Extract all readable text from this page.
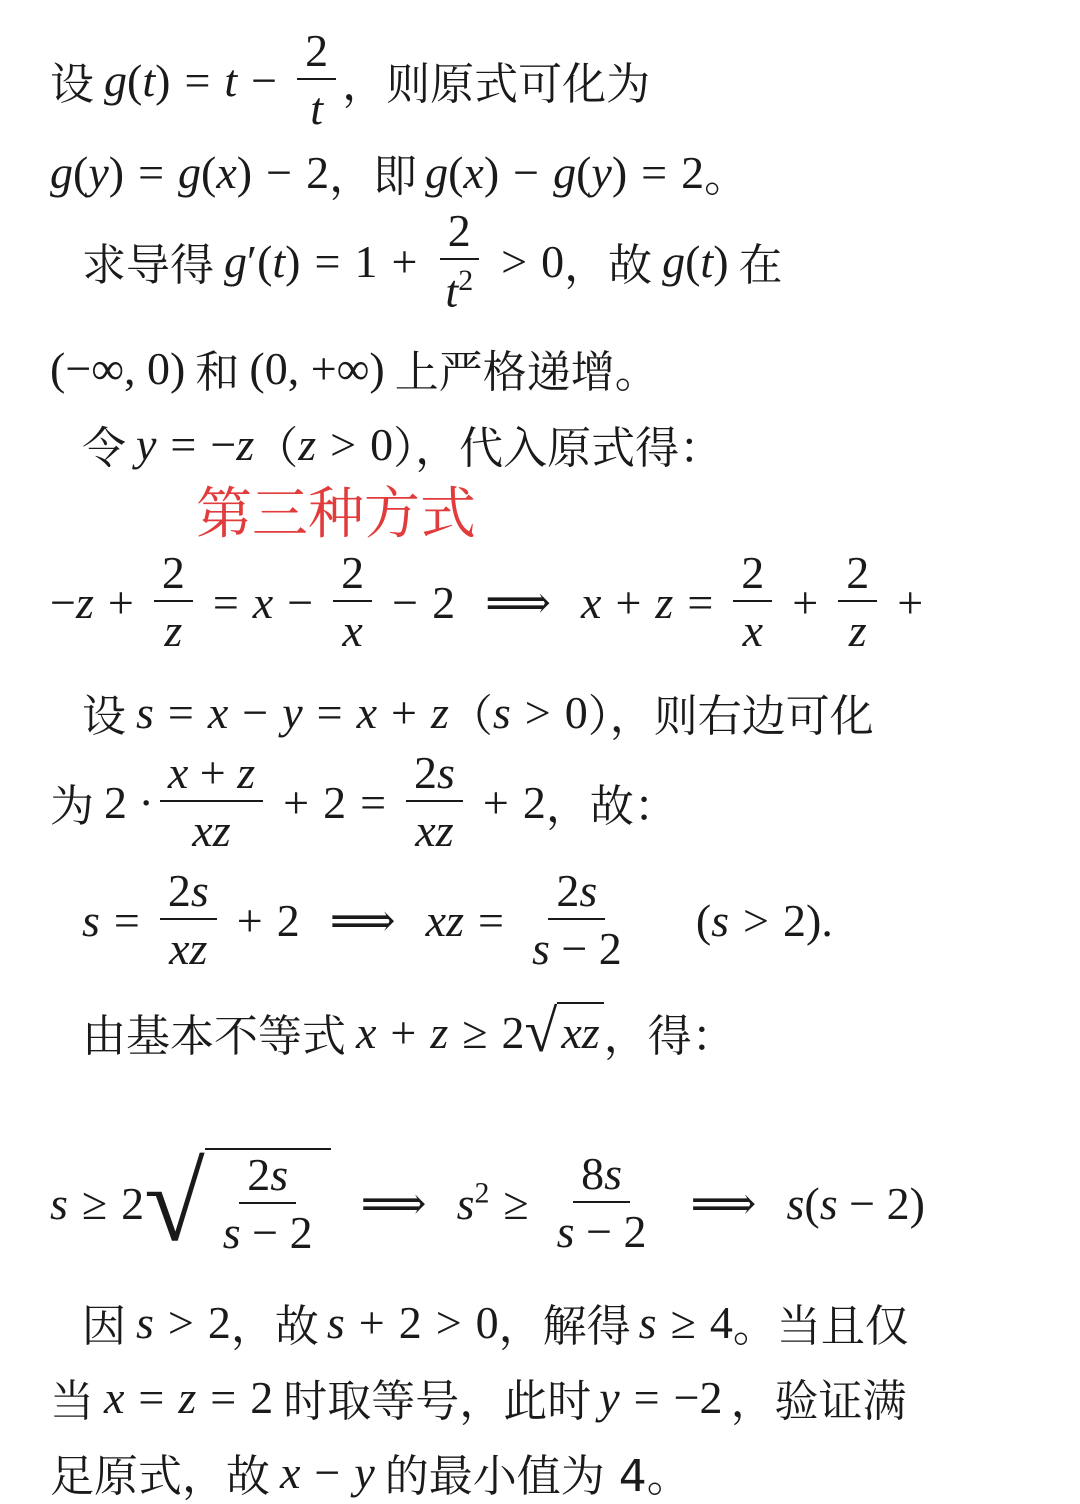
设 $g(t) = t - \frac{2}{t}$ ，则原式可化为
g(y) = g(x) − 2 ，即 g(x) − g(y) = 2 。
求导得 $g'(t) = 1 + \frac{2}{t^2} > 0$ ，故 g(t) 在
(−∞, 0) 和 (0, +∞) 上严格递增。
令 y = −z （ z > 0 ），代入原式得：
第三种方式
$-z + \frac{2}{z} = x - \frac{2}{x} - 2$ ⟹ $x + z = \frac{2}{x} + \frac{2}{z}$ +
设 s = x − y = x + z （ s > 0 ），则右边可化
为 $2 \cdot \frac{x + z}{xz} + 2 = \frac{2s}{xz} + 2$ ，故：
$s = \frac{2s}{xz} + 2$ ⟹ xz = $\frac{2s}{s - 2} (s > 2)$.
由基本不等式 x + z ≥ 2 √ xz ，得：
s ≥ 2 √ $\frac{2s}{s - 2}$ ⟹ $s^2 \ge \frac{8s}{s - 2}$ ⟹ s(s − 2)
因 s > 2 ，故 s + 2 > 0 ，解得 s ≥ 4 。当且仅
当 x = z = 2 时取等号，此时 y = −2 ，验证满
足原式，故 x − y 的最小值为 4。
